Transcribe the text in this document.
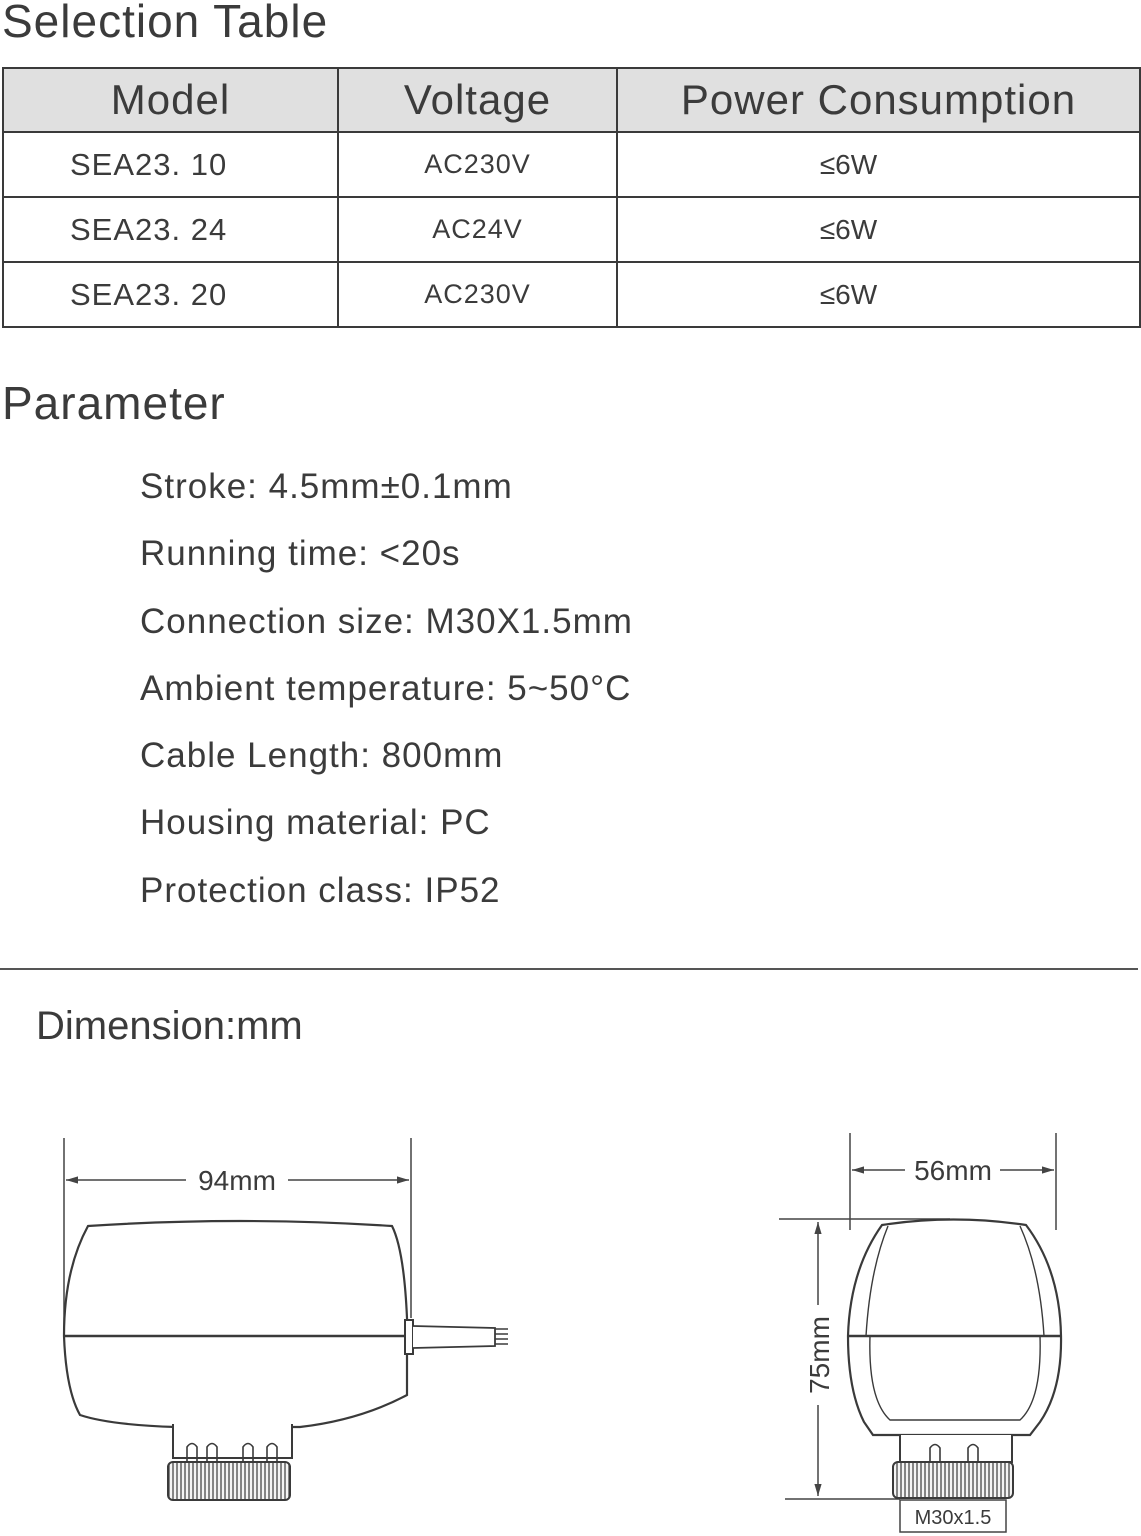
Selection Table
Model	Voltage	Power Consumption
SEA23. 10	AC230V	≤6W
SEA23. 24	AC24V	≤6W
SEA23. 20	AC230V	≤6W
Parameter
Stroke: 4.5mm±0.1mm
Running time: <20s
Connection size: M30X1.5mm
Ambient temperature: 5~50°C
Cable Length: 800mm
Housing material: PC
Protection class: IP52
Dimension:mm
94mm	56mm
75mm
M30x1.5
